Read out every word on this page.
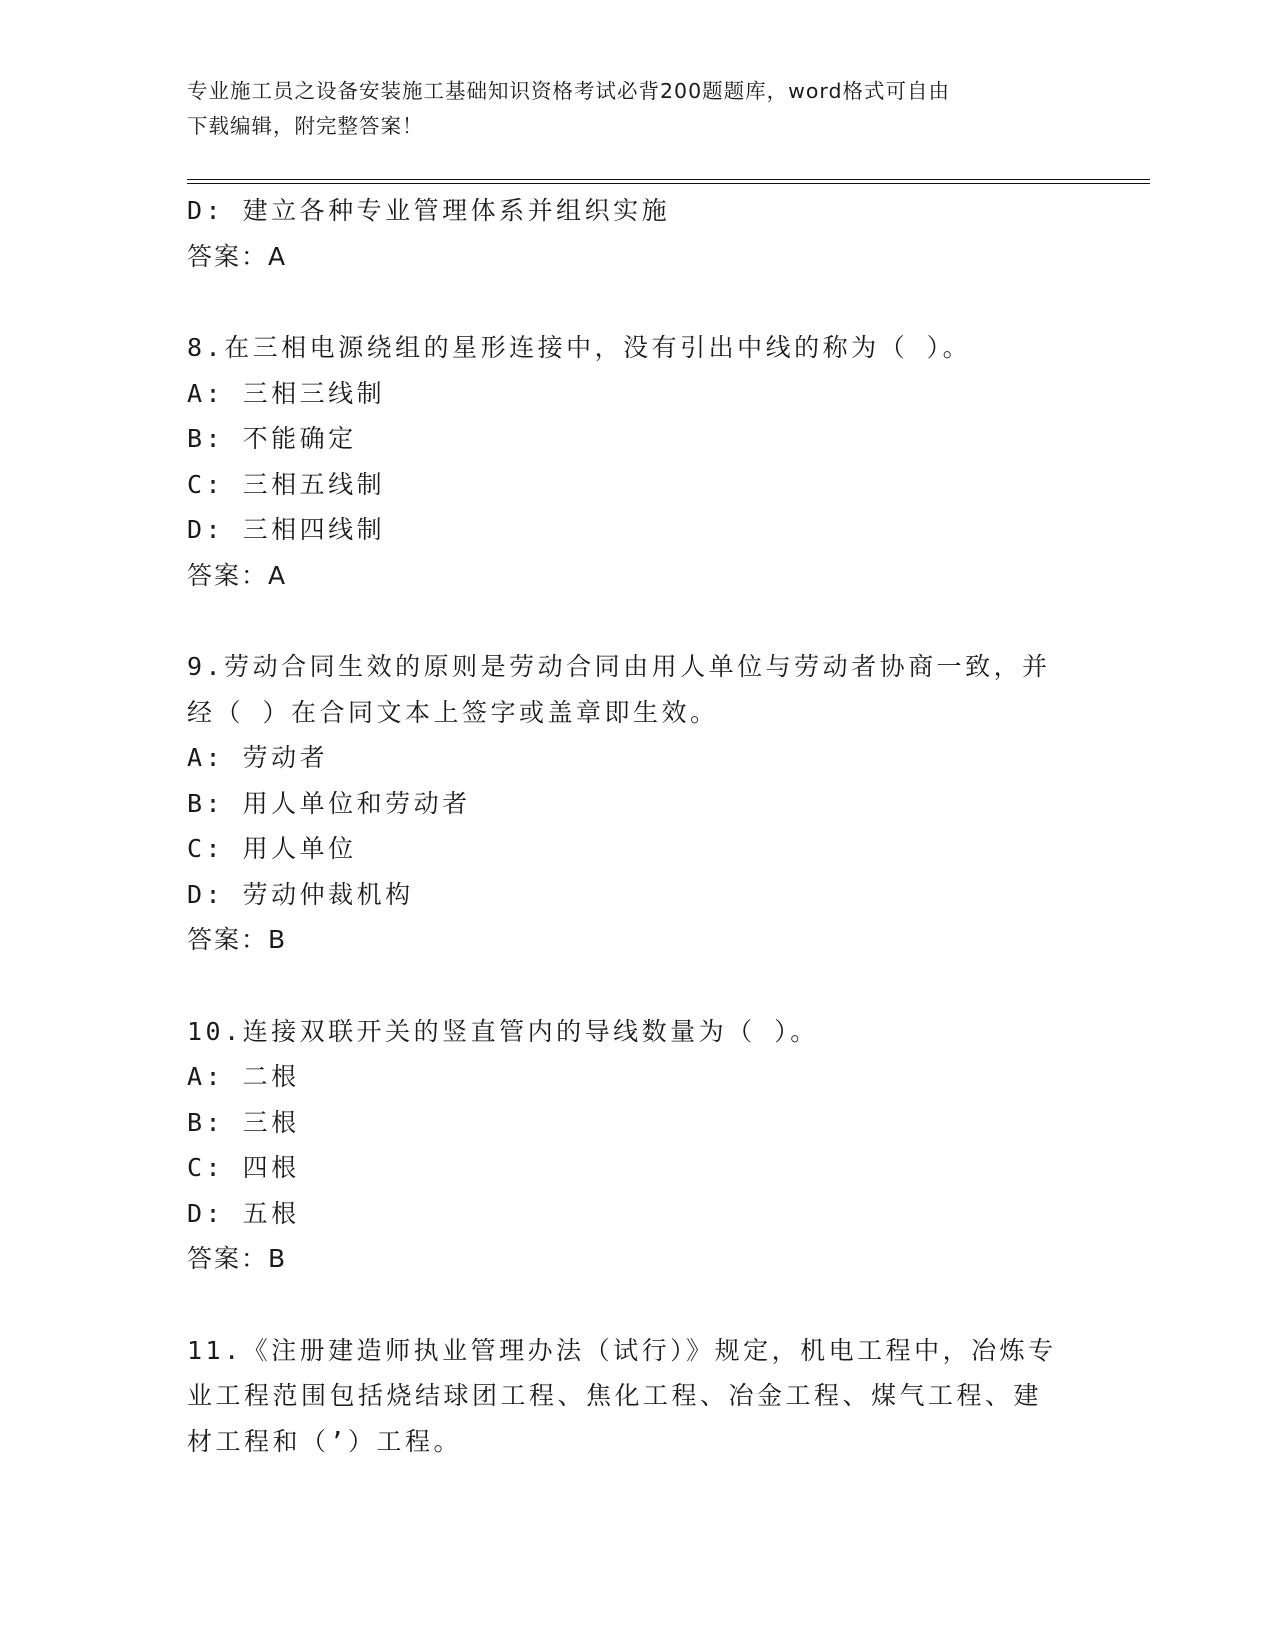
专业施工员之设备安装施工基础知识资格考试必背200题题库，word格式可自由
下载编辑，附完整答案！
D: 建立各种专业管理体系并组织实施
答案：A
8.在三相电源绕组的星形连接中，没有引出中线的称为（ ）。
A: 三相三线制
B: 不能确定
C: 三相五线制
D: 三相四线制
答案：A
9.劳动合同生效的原则是劳动合同由用人单位与劳动者协商一致，并
经（ ）在合同文本上签字或盖章即生效。
A: 劳动者
B: 用人单位和劳动者
C: 用人单位
D: 劳动仲裁机构
答案：B
10.连接双联开关的竖直管内的导线数量为（ ）。
A: 二根
B: 三根
C: 四根
D: 五根
答案：B
11.《注册建造师执业管理办法（试行）》规定，机电工程中，冶炼专
业工程范围包括烧结球团工程、焦化工程、冶金工程、煤气工程、建
材工程和（’）工程。
